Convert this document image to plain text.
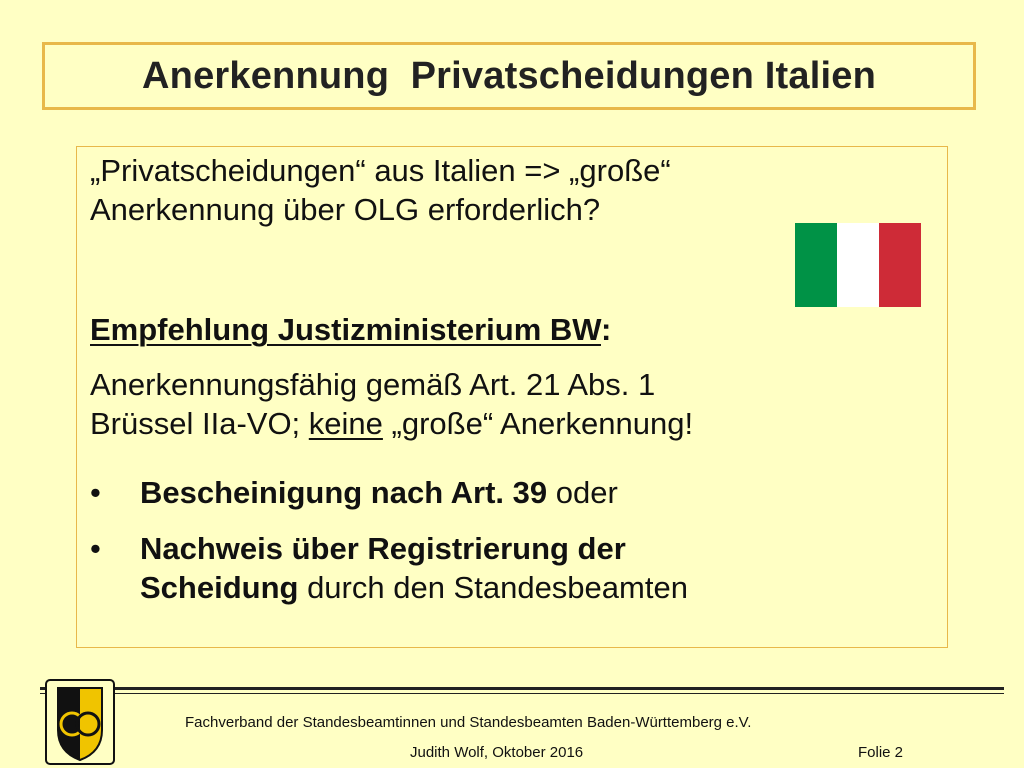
Anerkennung  Privatscheidungen Italien
„Privatscheidungen“ aus Italien => „große“
Anerkennung über OLG erforderlich?
Empfehlung Justizministerium BW:
Anerkennungsfähig gemäß Art. 21 Abs. 1
Brüssel IIa-VO; keine „große“ Anerkennung!
• Bescheinigung nach Art. 39 oder
• Nachweis über Registrierung der
Scheidung durch den Standesbeamten
Fachverband der Standesbeamtinnen und Standesbeamten Baden-Württemberg e.V.
Judith Wolf, Oktober 2016	Folie 2
